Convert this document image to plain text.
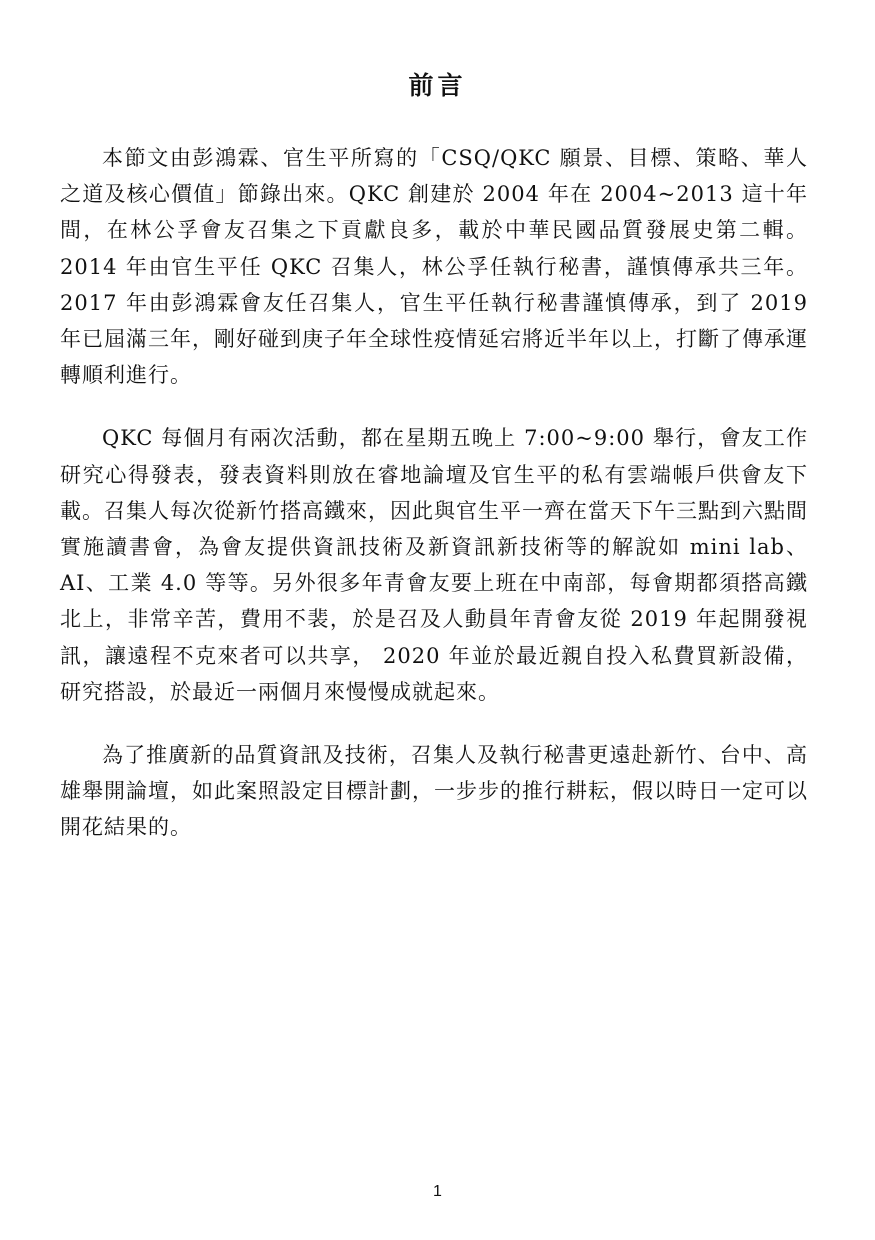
前言

本節文由彭鴻霖、官生平所寫的「CSQ/QKC 願景、目標、策略、華人之道及核心價值」節錄出來。QKC 創建於 2004 年在 2004~2013 這十年間，在林公孚會友召集之下貢獻良多，載於中華民國品質發展史第二輯。2014 年由官生平任 QKC 召集人，林公孚任執行秘書，謹慎傳承共三年。2017 年由彭鴻霖會友任召集人，官生平任執行秘書謹慎傳承，到了 2019 年已屆滿三年，剛好碰到庚子年全球性疫情延宕將近半年以上，打斷了傳承運轉順利進行。

QKC 每個月有兩次活動，都在星期五晚上 7:00~9:00 舉行，會友工作研究心得發表，發表資料則放在睿地論壇及官生平的私有雲端帳戶供會友下載。召集人每次從新竹搭高鐵來，因此與官生平一齊在當天下午三點到六點間實施讀書會，為會友提供資訊技術及新資訊新技術等的解說如 mini lab、AI、工業 4.0 等等。另外很多年青會友要上班在中南部，每會期都須搭高鐵北上，非常辛苦，費用不裴，於是召及人動員年青會友從 2019 年起開發視訊，讓遠程不克來者可以共享， 2020 年並於最近親自投入私費買新設備，研究搭設，於最近一兩個月來慢慢成就起來。

為了推廣新的品質資訊及技術，召集人及執行秘書更遠赴新竹、台中、高雄舉開論壇，如此案照設定目標計劃，一步步的推行耕耘，假以時日一定可以開花結果的。

1
